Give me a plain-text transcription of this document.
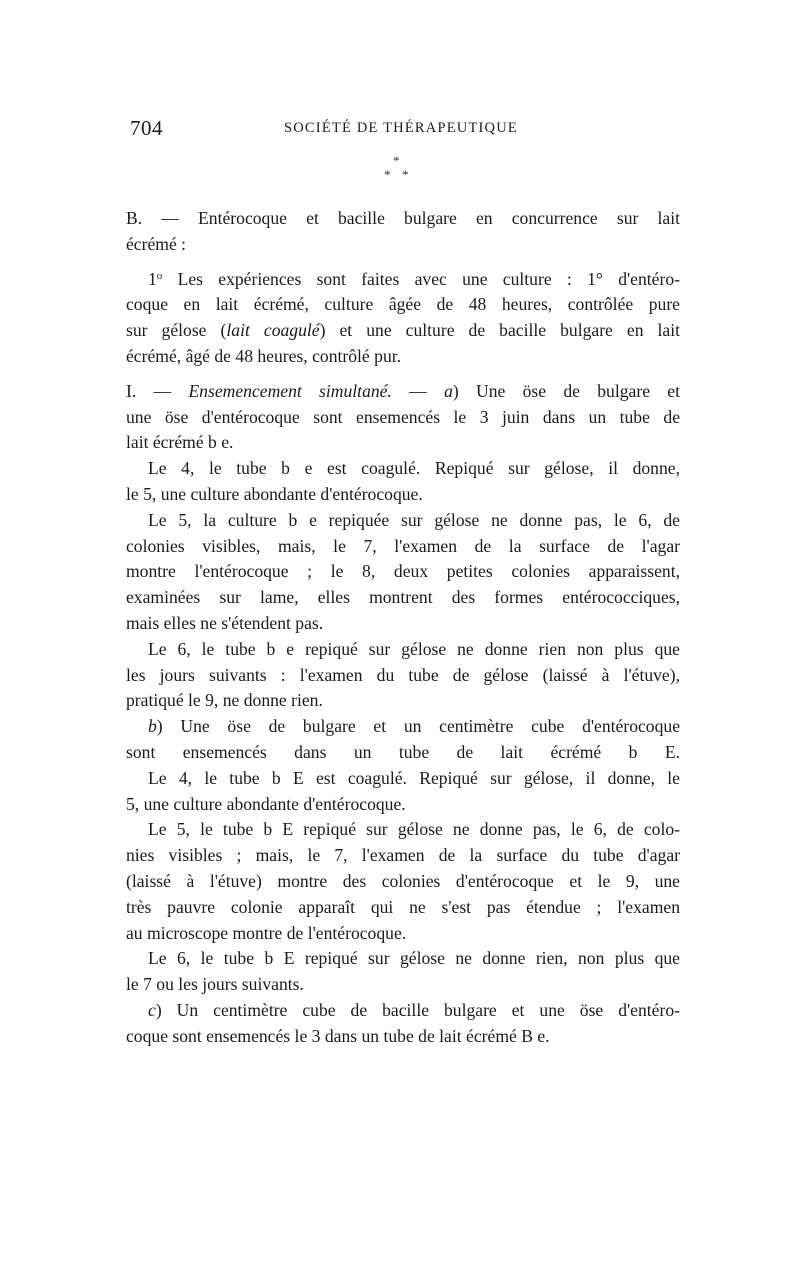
704	SOCIÉTÉ DE THÉRAPEUTIQUE
*
* *
B. — Entérocoque et bacille bulgare en concurrence sur lait
écrémé :
1$^o$ Les expériences sont faites avec une culture : 1° d'entéro-
coque en lait écrémé, culture âgée de 48 heures, contrôlée pure
sur gélose (lait coagulé) et une culture de bacille bulgare en lait
écrémé, âgé de 48 heures, contrôlé pur.
I. — Ensemencement simultané. — a) Une öse de bulgare et
une öse d'entérocoque sont ensemencés le 3 juin dans un tube de
lait écrémé b e.
Le 4, le tube b e est coagulé. Repiqué sur gélose, il donne,
le 5, une culture abondante d'entérocoque.
Le 5, la culture b e repiquée sur gélose ne donne pas, le 6, de
colonies visibles, mais, le 7, l'examen de la surface de l'agar
montre l'entérocoque ; le 8, deux petites colonies apparaissent,
examinées sur lame, elles montrent des formes entérococciques,
mais elles ne s'étendent pas.
Le 6, le tube b e repiqué sur gélose ne donne rien non plus que
les jours suivants : l'examen du tube de gélose (laissé à l'étuve),
pratiqué le 9, ne donne rien.
b) Une öse de bulgare et un centimètre cube d'entérocoque
sont ensemencés dans un tube de lait écrémé b E.
Le 4, le tube b E est coagulé. Repiqué sur gélose, il donne, le
5, une culture abondante d'entérocoque.
Le 5, le tube b E repiqué sur gélose ne donne pas, le 6, de colo-
nies visibles ; mais, le 7, l'examen de la surface du tube d'agar
(laissé à l'étuve) montre des colonies d'entérocoque et le 9, une
très pauvre colonie apparaît qui ne s'est pas étendue ; l'examen
au microscope montre de l'entérocoque.
Le 6, le tube b E repiqué sur gélose ne donne rien, non plus que
le 7 ou les jours suivants.
c) Un centimètre cube de bacille bulgare et une öse d'entéro-
coque sont ensemencés le 3 dans un tube de lait écrémé B e.
